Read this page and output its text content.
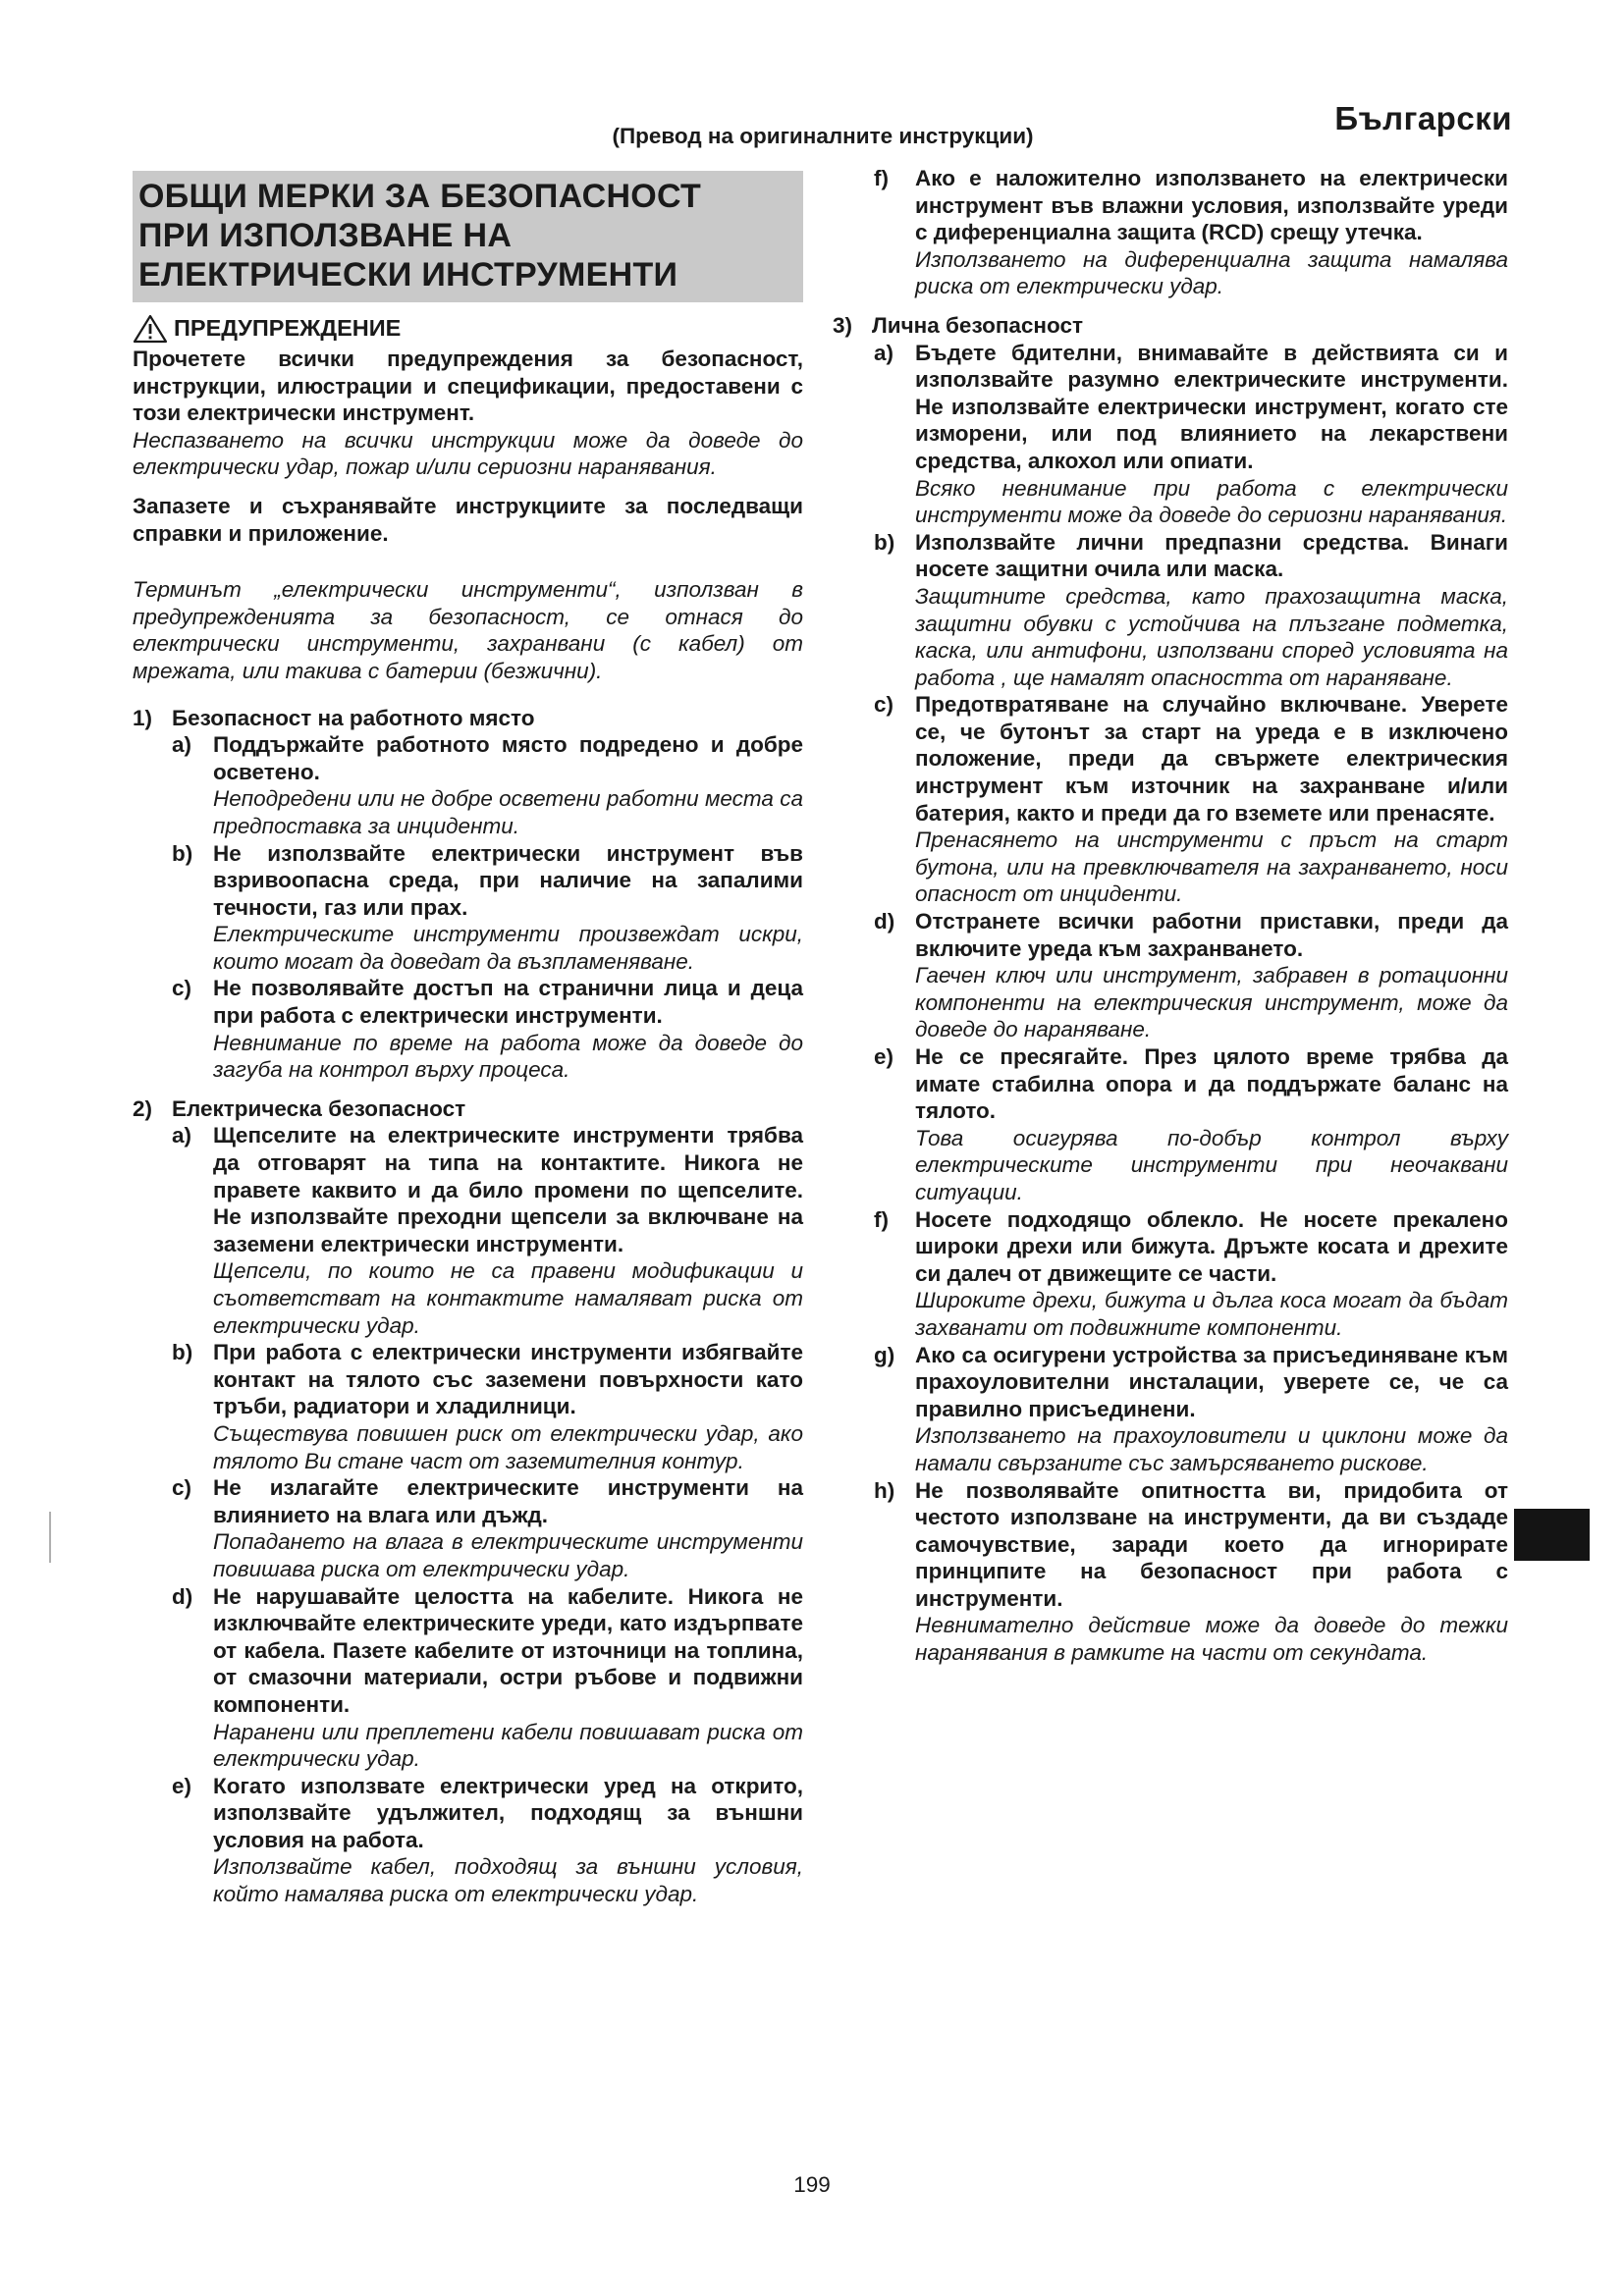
(Превод на оригиналните инструкции)	Български
ОБЩИ МЕРКИ ЗА БЕЗОПАСНОСТ
ПРИ ИЗПОЛЗВАНЕ НА
ЕЛЕКТРИЧЕСКИ ИНСТРУМЕНТИ
ПРЕДУПРЕЖДЕНИЕ
Прочетете всички предупреждения за безопасност, инструкции, илюстрации и спецификации, предоставени с този електрически инструмент.
Неспазването на всички инструкции може да доведе до електрически удар, пожар и/или сериозни наранявания.
Запазете и съхранявайте инструкциите за последващи справки и приложение.
Терминът „електрически инструменти“, използван в предупрежденията за безопасност, се отнася до електрически инструменти, захранвани (с кабел) от мрежата, или такива с батерии (безжични).
1) Безопасност на работното място
a) Поддържайте работното място подредено и добре осветено.
Неподредени или не добре осветени работни места са предпоставка за инциденти.
b) Не използвайте електрически инструмент във взривоопасна среда, при наличие на запалими течности, газ или прах.
Електрическите инструменти произвеждат искри, които могат да доведат да възпламеняване.
c) Не позволявайте достъп на странични лица и деца при работа с електрически инструменти.
Невнимание по време на работа може да доведе до загуба на контрол върху процеса.
2) Електрическа безопасност
a) Щепселите на електрическите инструменти трябва да отговарят на типа на контактите. Никога не правете каквито и да било промени по щепселите. Не използвайте преходни щепсели за включване на заземени електрически инструменти.
Щепсели, по които не са правени модификации и съответстват на контактите намаляват риска от електрически удар.
b) При работа с електрически инструменти избягвайте контакт на тялото със заземени повърхности като тръби, радиатори и хладилници.
Съществува повишен риск от електрически удар, ако тялото Ви стане част от заземителния контур.
c) Не излагайте електрическите инструменти на влиянието на влага или дъжд.
Попадането на влага в електрическите инструменти повишава риска от електрически удар.
d) Не нарушавайте целостта на кабелите. Никога не изключвайте електрическите уреди, като издърпвате от кабела. Пазете кабелите от източници на топлина, от смазочни материали, остри ръбове и подвижни компоненти.
Наранени или преплетени кабели повишават риска от електрически удар.
e) Когато използвате електрически уред на открито, използвайте удължител, подходящ за външни условия на работа.
Използвайте кабел, подходящ за външни условия, който намалява риска от електрически удар.
f)	Ако е наложително използването на електрически инструмент във влажни условия, използвайте уреди с диференциална защита (RCD) срещу утечка.
Използването на диференциална защита намалява риска от електрически удар.
3) Лична безопасност
a) Бъдете бдителни, внимавайте в действията си и използвайте разумно електрическите инструменти. Не използвайте електрически инструмент, когато сте изморени, или под влиянието на лекарствени средства, алкохол или опиати.
Всяко невнимание при работа с електрически инструменти може да доведе до сериозни наранявания.
b) Използвайте лични предпазни средства. Винаги носете защитни очила или маска.
Защитните средства, като прахозащитна маска, защитни обувки с устойчива на плъзгане подметка, каска, или антифони, използвани според условията на работа , ще намалят опасността от нараняване.
c) Предотвратяване на случайно включване. Уверете се, че бутонът за старт на уреда е в изключено положение, преди да свържете електрическия инструмент към източник на захранване и/или батерия, както и преди да го вземете или пренасяте.
Пренасянето на инструменти с пръст на старт бутона, или на превключвателя на захранването, носи опасност от инциденти.
d) Отстранете всички работни приставки, преди да включите уреда към захранването.
Гаечен ключ или инструмент, забравен в ротационни компоненти на електрическия инструмент, може да доведе до нараняване.
e) Не се пресягайте. През цялото време трябва да имате стабилна опора и да поддържате баланс на тялото.
Това осигурява по-добър контрол върху електрическите инструменти при неочаквани ситуации.
f)	Носете подходящо облекло. Не носете прекалено широки дрехи или бижута. Дръжте косата и дрехите си далеч от движещите се части.
Широките дрехи, бижута и дълга коса могат да бъдат захванати от подвижните компоненти.
g) Ако са осигурени устройства за присъединяване към прахоуловителни инсталации, уверете се, че са правилно присъединени.
Използването на прахоуловители и циклони може да намали свързаните със замърсяването рискове.
h) Не позволявайте опитността ви, придобита от честото използване на инструменти, да ви създаде самочувствие, заради което да игнорирате принципите на безопасност при работа с инструменти.
Невнимателно действие може да доведе до тежки наранявания в рамките на части от секундата.
199
